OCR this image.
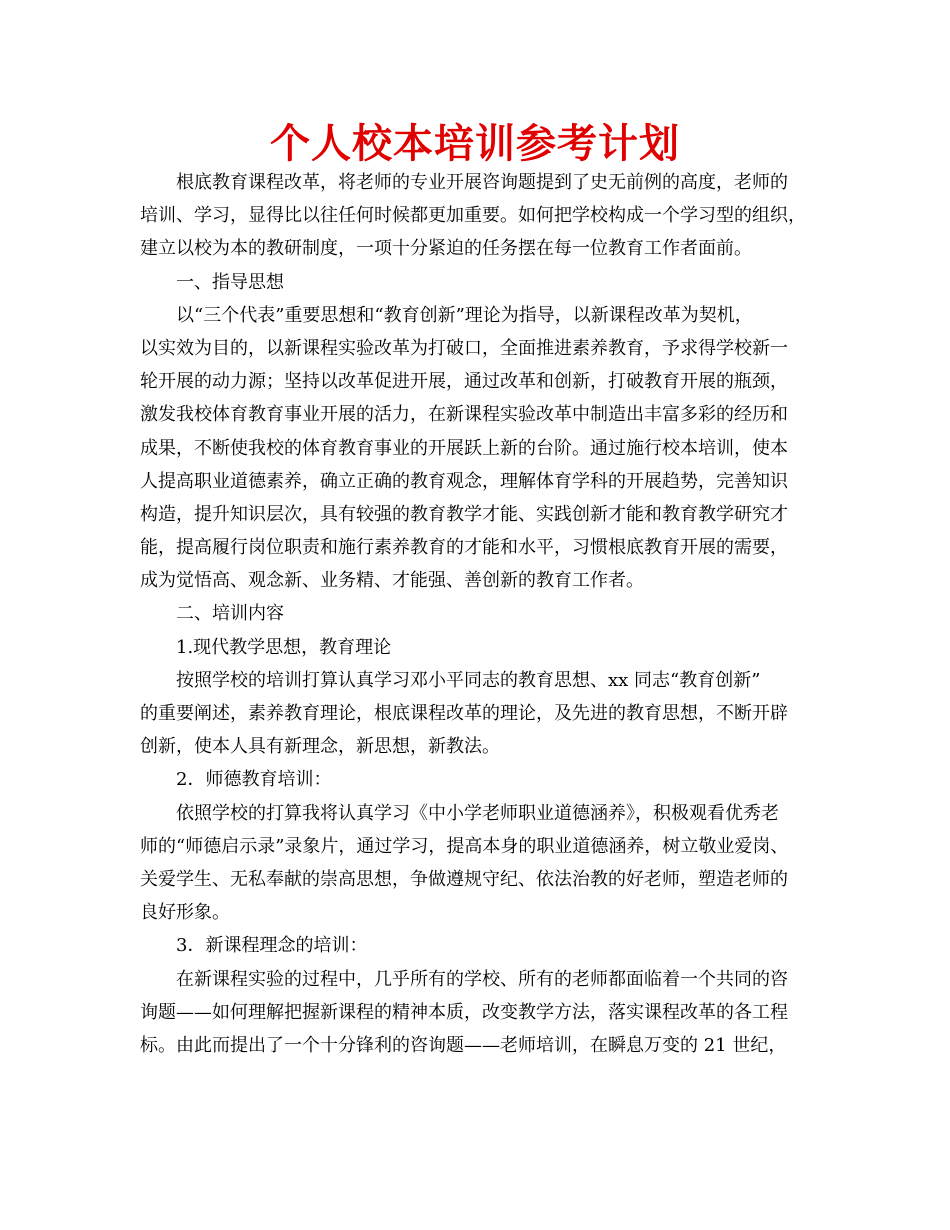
个人校本培训参考计划
根底教育课程改革，将老师的专业开展咨询题提到了史无前例的高度，老师的
培训、学习，显得比以往任何时候都更加重要。如何把学校构成一个学习型的组织，
建立以校为本的教研制度，一项十分紧迫的任务摆在每一位教育工作者面前。
一、指导思想
以“三个代表”重要思想和“教育创新”理论为指导，以新课程改革为契机，
以实效为目的，以新课程实验改革为打破口，全面推进素养教育，予求得学校新一
轮开展的动力源；坚持以改革促进开展，通过改革和创新，打破教育开展的瓶颈，
激发我校体育教育事业开展的活力，在新课程实验改革中制造出丰富多彩的经历和
成果，不断使我校的体育教育事业的开展跃上新的台阶。通过施行校本培训，使本
人提高职业道德素养，确立正确的教育观念，理解体育学科的开展趋势，完善知识
构造，提升知识层次，具有较强的教育教学才能、实践创新才能和教育教学研究才
能，提高履行岗位职责和施行素养教育的才能和水平，习惯根底教育开展的需要，
成为觉悟高、观念新、业务精、才能强、善创新的教育工作者。
二、培训内容
1.现代教学思想，教育理论
按照学校的培训打算认真学习邓小平同志的教育思想、xx 同志“教育创新”
的重要阐述，素养教育理论，根底课程改革的理论，及先进的教育思想，不断开辟
创新，使本人具有新理念，新思想，新教法。
2．师德教育培训：
依照学校的打算我将认真学习《中小学老师职业道德涵养》，积极观看优秀老
师的“师德启示录”录象片，通过学习，提高本身的职业道德涵养，树立敬业爱岗、
关爱学生、无私奉献的崇高思想，争做遵规守纪、依法治教的好老师，塑造老师的
良好形象。
3．新课程理念的培训：
在新课程实验的过程中，几乎所有的学校、所有的老师都面临着一个共同的咨
询题——如何理解把握新课程的精神本质，改变教学方法，落实课程改革的各工程
标。由此而提出了一个十分锋利的咨询题——老师培训，在瞬息万变的 21 世纪，
